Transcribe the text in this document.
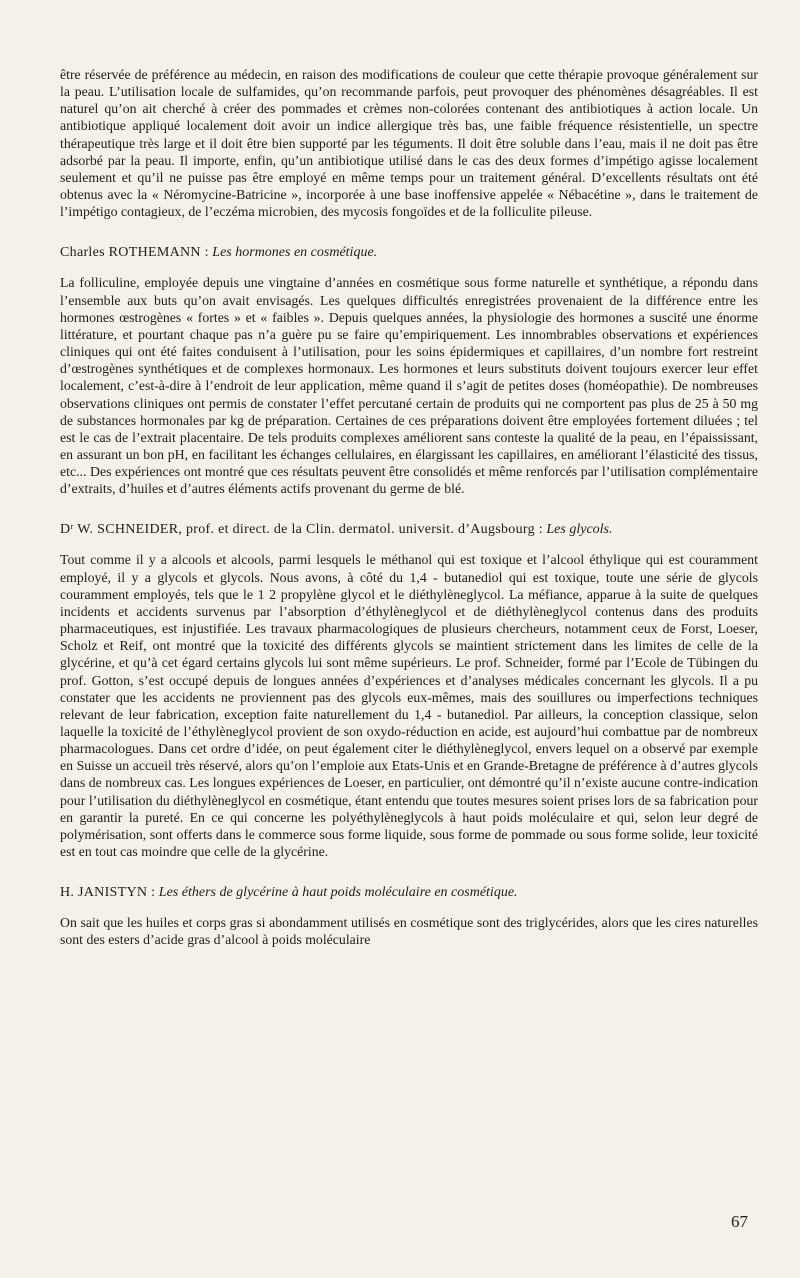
être réservée de préférence au médecin, en raison des modifications de couleur que cette thérapie provoque généralement sur la peau. L’utilisation locale de sulfamides, qu’on recommande parfois, peut provoquer des phénomènes désagréables. Il est naturel qu’on ait cherché à créer des pommades et crèmes non-colorées contenant des antibiotiques à action locale. Un antibiotique appliqué localement doit avoir un indice allergique très bas, une faible fréquence résistentielle, un spectre thérapeutique très large et il doit être bien supporté par les téguments. Il doit être soluble dans l’eau, mais il ne doit pas être adsorbé par la peau. Il importe, enfin, qu’un antibiotique utilisé dans le cas des deux formes d’impétigo agisse localement seulement et qu’il ne puisse pas être employé en même temps pour un traitement général. D’excellents résultats ont été obtenus avec la « Néromycine-Batricine », incorporée à une base inoffensive appelée « Nébacétine », dans le traitement de l’impétigo contagieux, de l’eczéma microbien, des mycosis fongoïdes et de la folliculite pileuse.

Charles ROTHEMANN : Les hormones en cosmétique.

La folliculine, employée depuis une vingtaine d’années en cosmétique sous forme naturelle et synthétique, a répondu dans l’ensemble aux buts qu’on avait envisagés. Les quelques difficultés enregistrées provenaient de la différence entre les hormones œstrogènes « fortes » et « faibles ». Depuis quelques années, la physiologie des hormones a suscité une énorme littérature, et pourtant chaque pas n’a guère pu se faire qu’empiriquement. Les innombrables observations et expériences cliniques qui ont été faites conduisent à l’utilisation, pour les soins épidermiques et capillaires, d’un nombre fort restreint d’œstrogènes synthétiques et de complexes hormonaux. Les hormones et leurs substituts doivent toujours exercer leur effet localement, c’est-à-dire à l’endroit de leur application, même quand il s’agit de petites doses (homéopathie). De nombreuses observations cliniques ont permis de constater l’effet percutané certain de produits qui ne comportent pas plus de 25 à 50 mg de substances hormonales par kg de préparation. Certaines de ces préparations doivent être employées fortement diluées ; tel est le cas de l’extrait placentaire. De tels produits complexes améliorent sans conteste la qualité de la peau, en l’épaississant, en assurant un bon pH, en facilitant les échanges cellulaires, en élargissant les capillaires, en améliorant l’élasticité des tissus, etc... Des expériences ont montré que ces résultats peuvent être consolidés et même renforcés par l’utilisation complémentaire d’extraits, d’huiles et d’autres éléments actifs provenant du germe de blé.

Dʳ W. SCHNEIDER, prof. et direct. de la Clin. dermatol. universit. d’Augsbourg : Les glycols.

Tout comme il y a alcools et alcools, parmi lesquels le méthanol qui est toxique et l’alcool éthylique qui est couramment employé, il y a glycols et glycols. Nous avons, à côté du 1,4 - butanediol qui est toxique, toute une série de glycols couramment employés, tels que le 1 2 propylène glycol et le diéthylèneglycol. La méfiance, apparue à la suite de quelques incidents et accidents survenus par l’absorption d’éthylèneglycol et de diéthylèneglycol contenus dans des produits pharmaceutiques, est injustifiée. Les travaux pharmacologiques de plusieurs chercheurs, notamment ceux de Forst, Loeser, Scholz et Reif, ont montré que la toxicité des différents glycols se maintient strictement dans les limites de celle de la glycérine, et qu’à cet égard certains glycols lui sont même supérieurs. Le prof. Schneider, formé par l’Ecole de Tübingen du prof. Gotton, s’est occupé depuis de longues années d’expériences et d’analyses médicales concernant les glycols. Il a pu constater que les accidents ne proviennent pas des glycols eux-mêmes, mais des souillures ou imperfections techniques relevant de leur fabrication, exception faite naturellement du 1,4 - butanediol. Par ailleurs, la conception classique, selon laquelle la toxicité de l’éthylèneglycol provient de son oxydo-réduction en acide, est aujourd’hui combattue par de nombreux pharmacologues. Dans cet ordre d’idée, on peut également citer le diéthylèneglycol, envers lequel on a observé par exemple en Suisse un accueil très réservé, alors qu’on l’emploie aux Etats-Unis et en Grande-Bretagne de préférence à d’autres glycols dans de nombreux cas. Les longues expériences de Loeser, en particulier, ont démontré qu’il n’existe aucune contre-indication pour l’utilisation du diéthylèneglycol en cosmétique, étant entendu que toutes mesures soient prises lors de sa fabrication pour en garantir la pureté. En ce qui concerne les polyéthylèneglycols à haut poids moléculaire et qui, selon leur degré de polymérisation, sont offerts dans le commerce sous forme liquide, sous forme de pommade ou sous forme solide, leur toxicité est en tout cas moindre que celle de la glycérine.

H. JANISTYN : Les éthers de glycérine à haut poids moléculaire en cosmétique.

On sait que les huiles et corps gras si abondamment utilisés en cosmétique sont des triglycérides, alors que les cires naturelles sont des esters d’acide gras d’alcool à poids moléculaire

67
